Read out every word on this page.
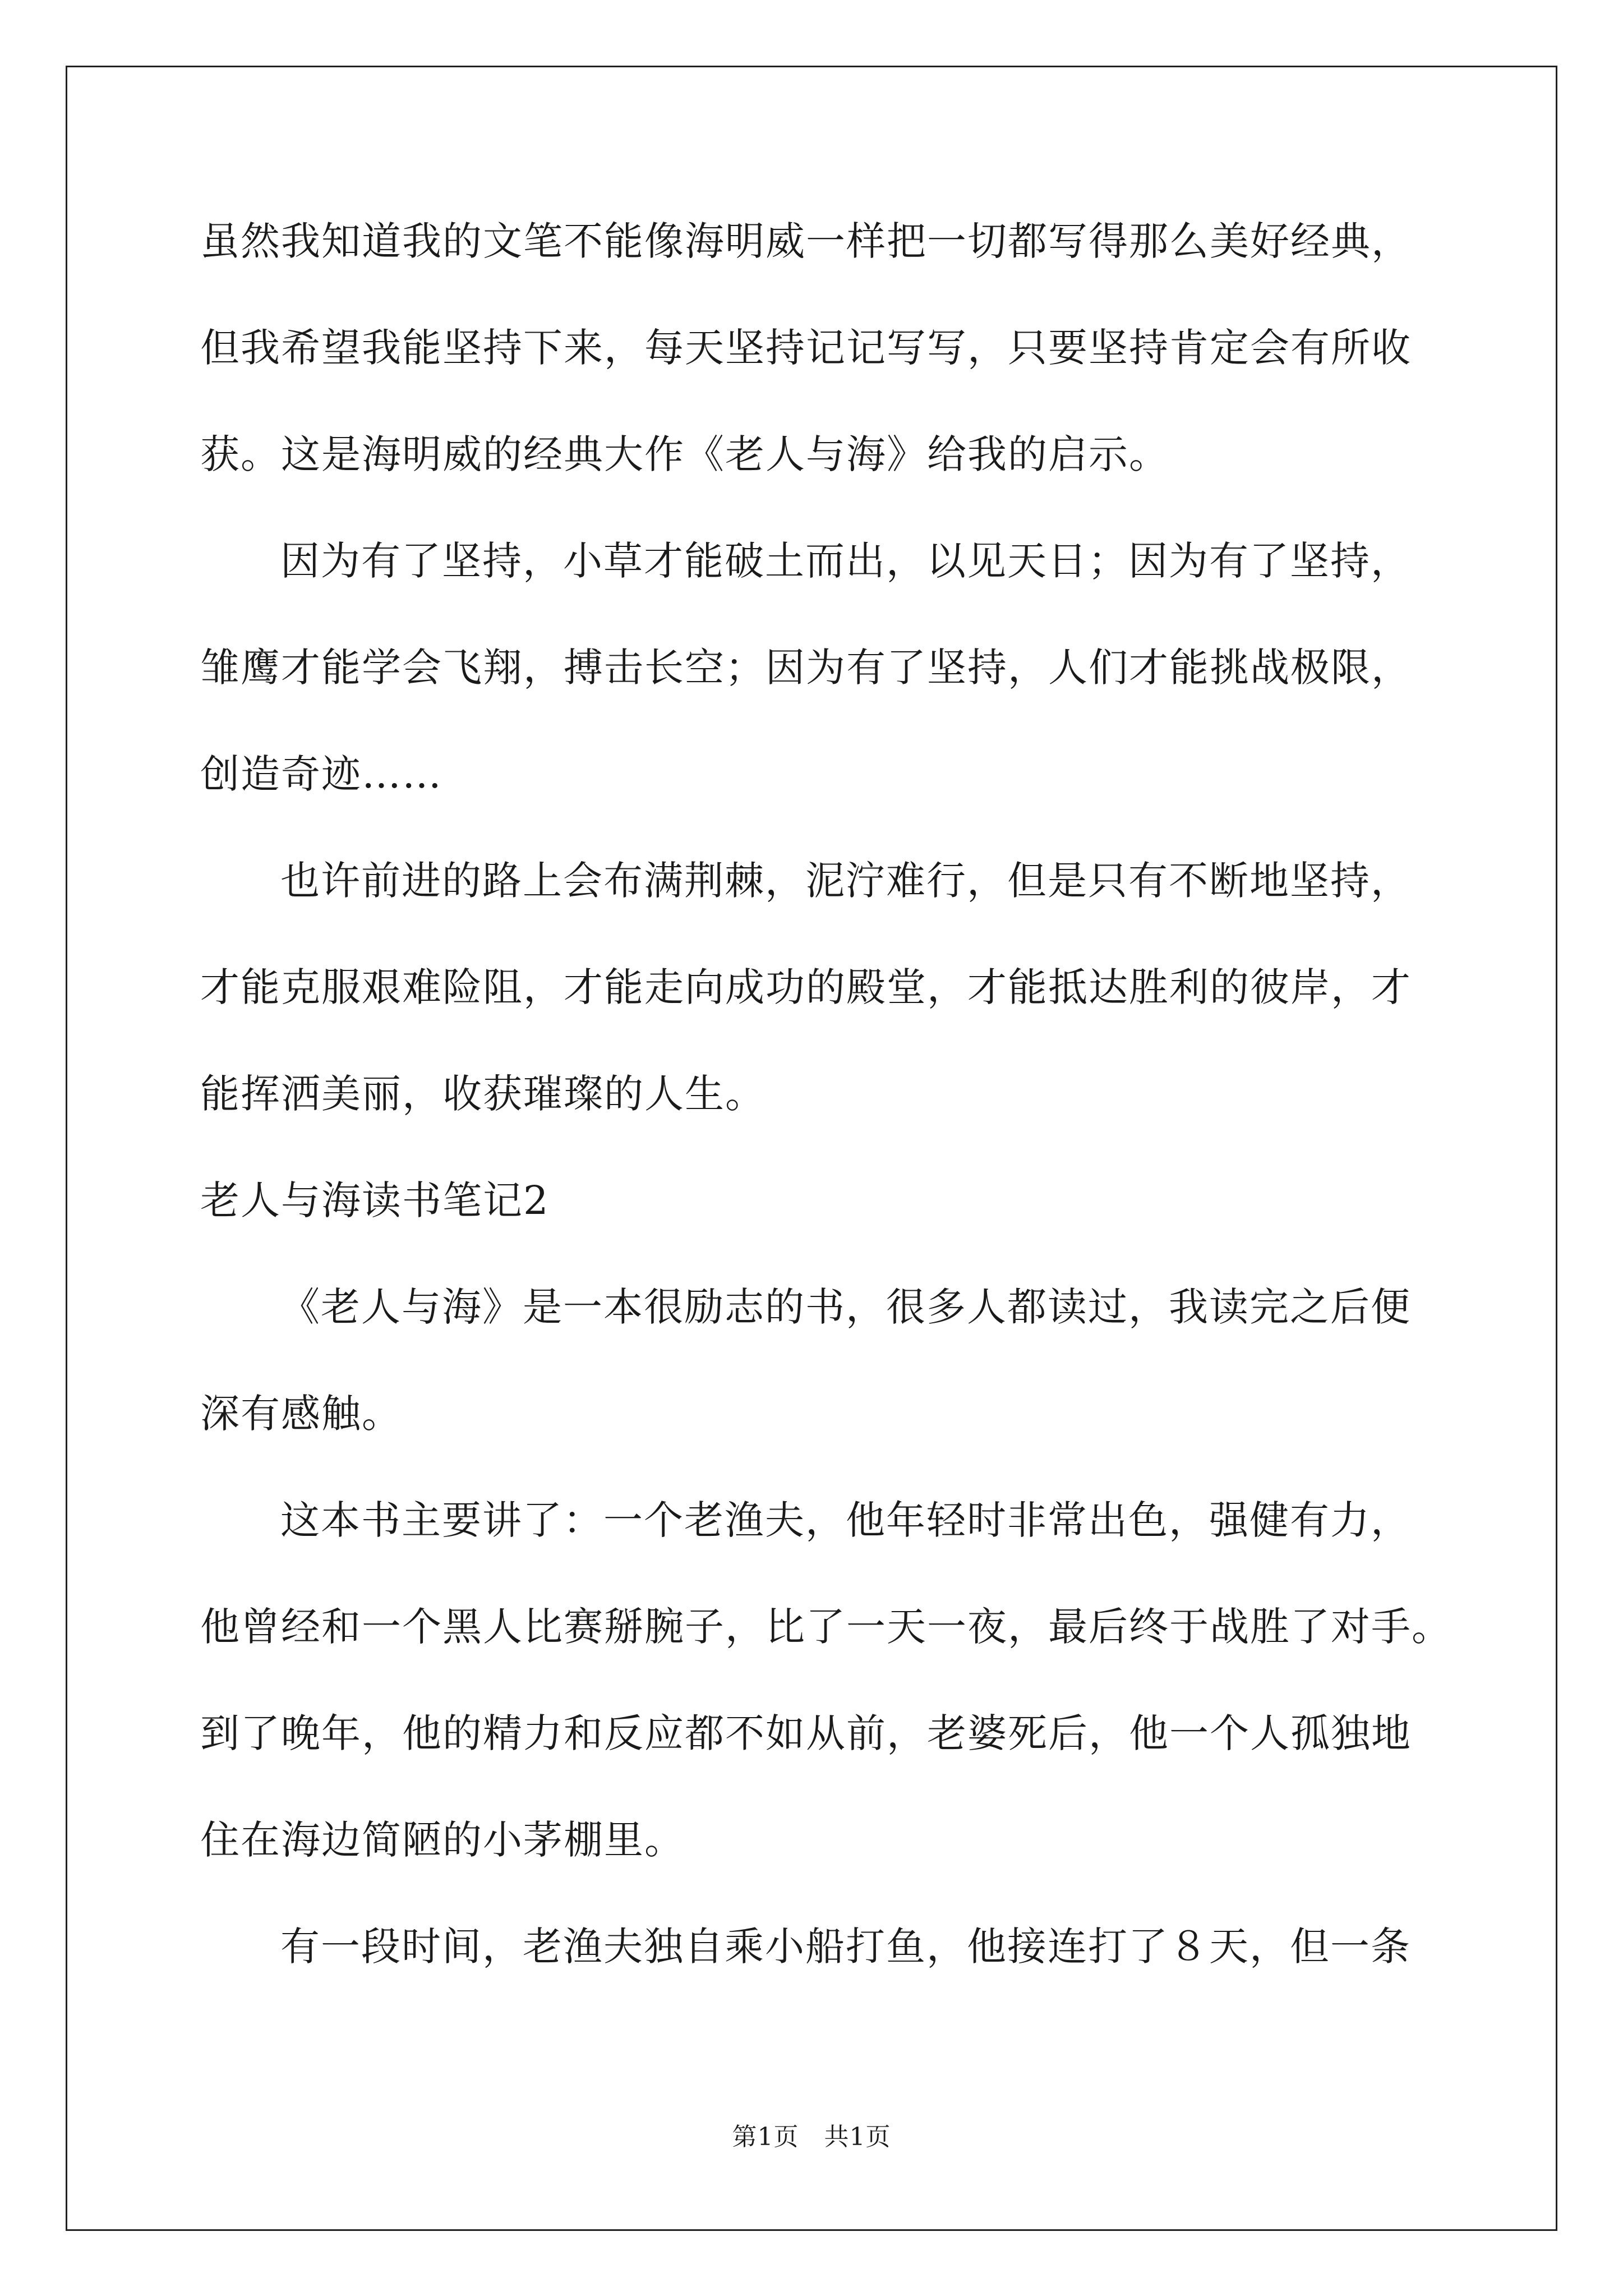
虽然我知道我的文笔不能像海明威一样把一切都写得那么美好经典，
但我希望我能坚持下来，每天坚持记记写写，只要坚持肯定会有所收
获。这是海明威的经典大作《老人与海》给我的启示。
因为有了坚持，小草才能破土而出，以见天日；因为有了坚持，
雏鹰才能学会飞翔，搏击长空；因为有了坚持，人们才能挑战极限，
创造奇迹……
也许前进的路上会布满荆棘，泥泞难行，但是只有不断地坚持，
才能克服艰难险阻，才能走向成功的殿堂，才能抵达胜利的彼岸，才
能挥洒美丽，收获璀璨的人生。
老人与海读书笔记2
《老人与海》是一本很励志的书，很多人都读过，我读完之后便
深有感触。
这本书主要讲了：一个老渔夫，他年轻时非常出色，强健有力，
他曾经和一个黑人比赛掰腕子，比了一天一夜，最后终于战胜了对手。
到了晚年，他的精力和反应都不如从前，老婆死后，他一个人孤独地
住在海边简陋的小茅棚里。
有一段时间，老渔夫独自乘小船打鱼，他接连打了８天，但一条
第1页　共1页
